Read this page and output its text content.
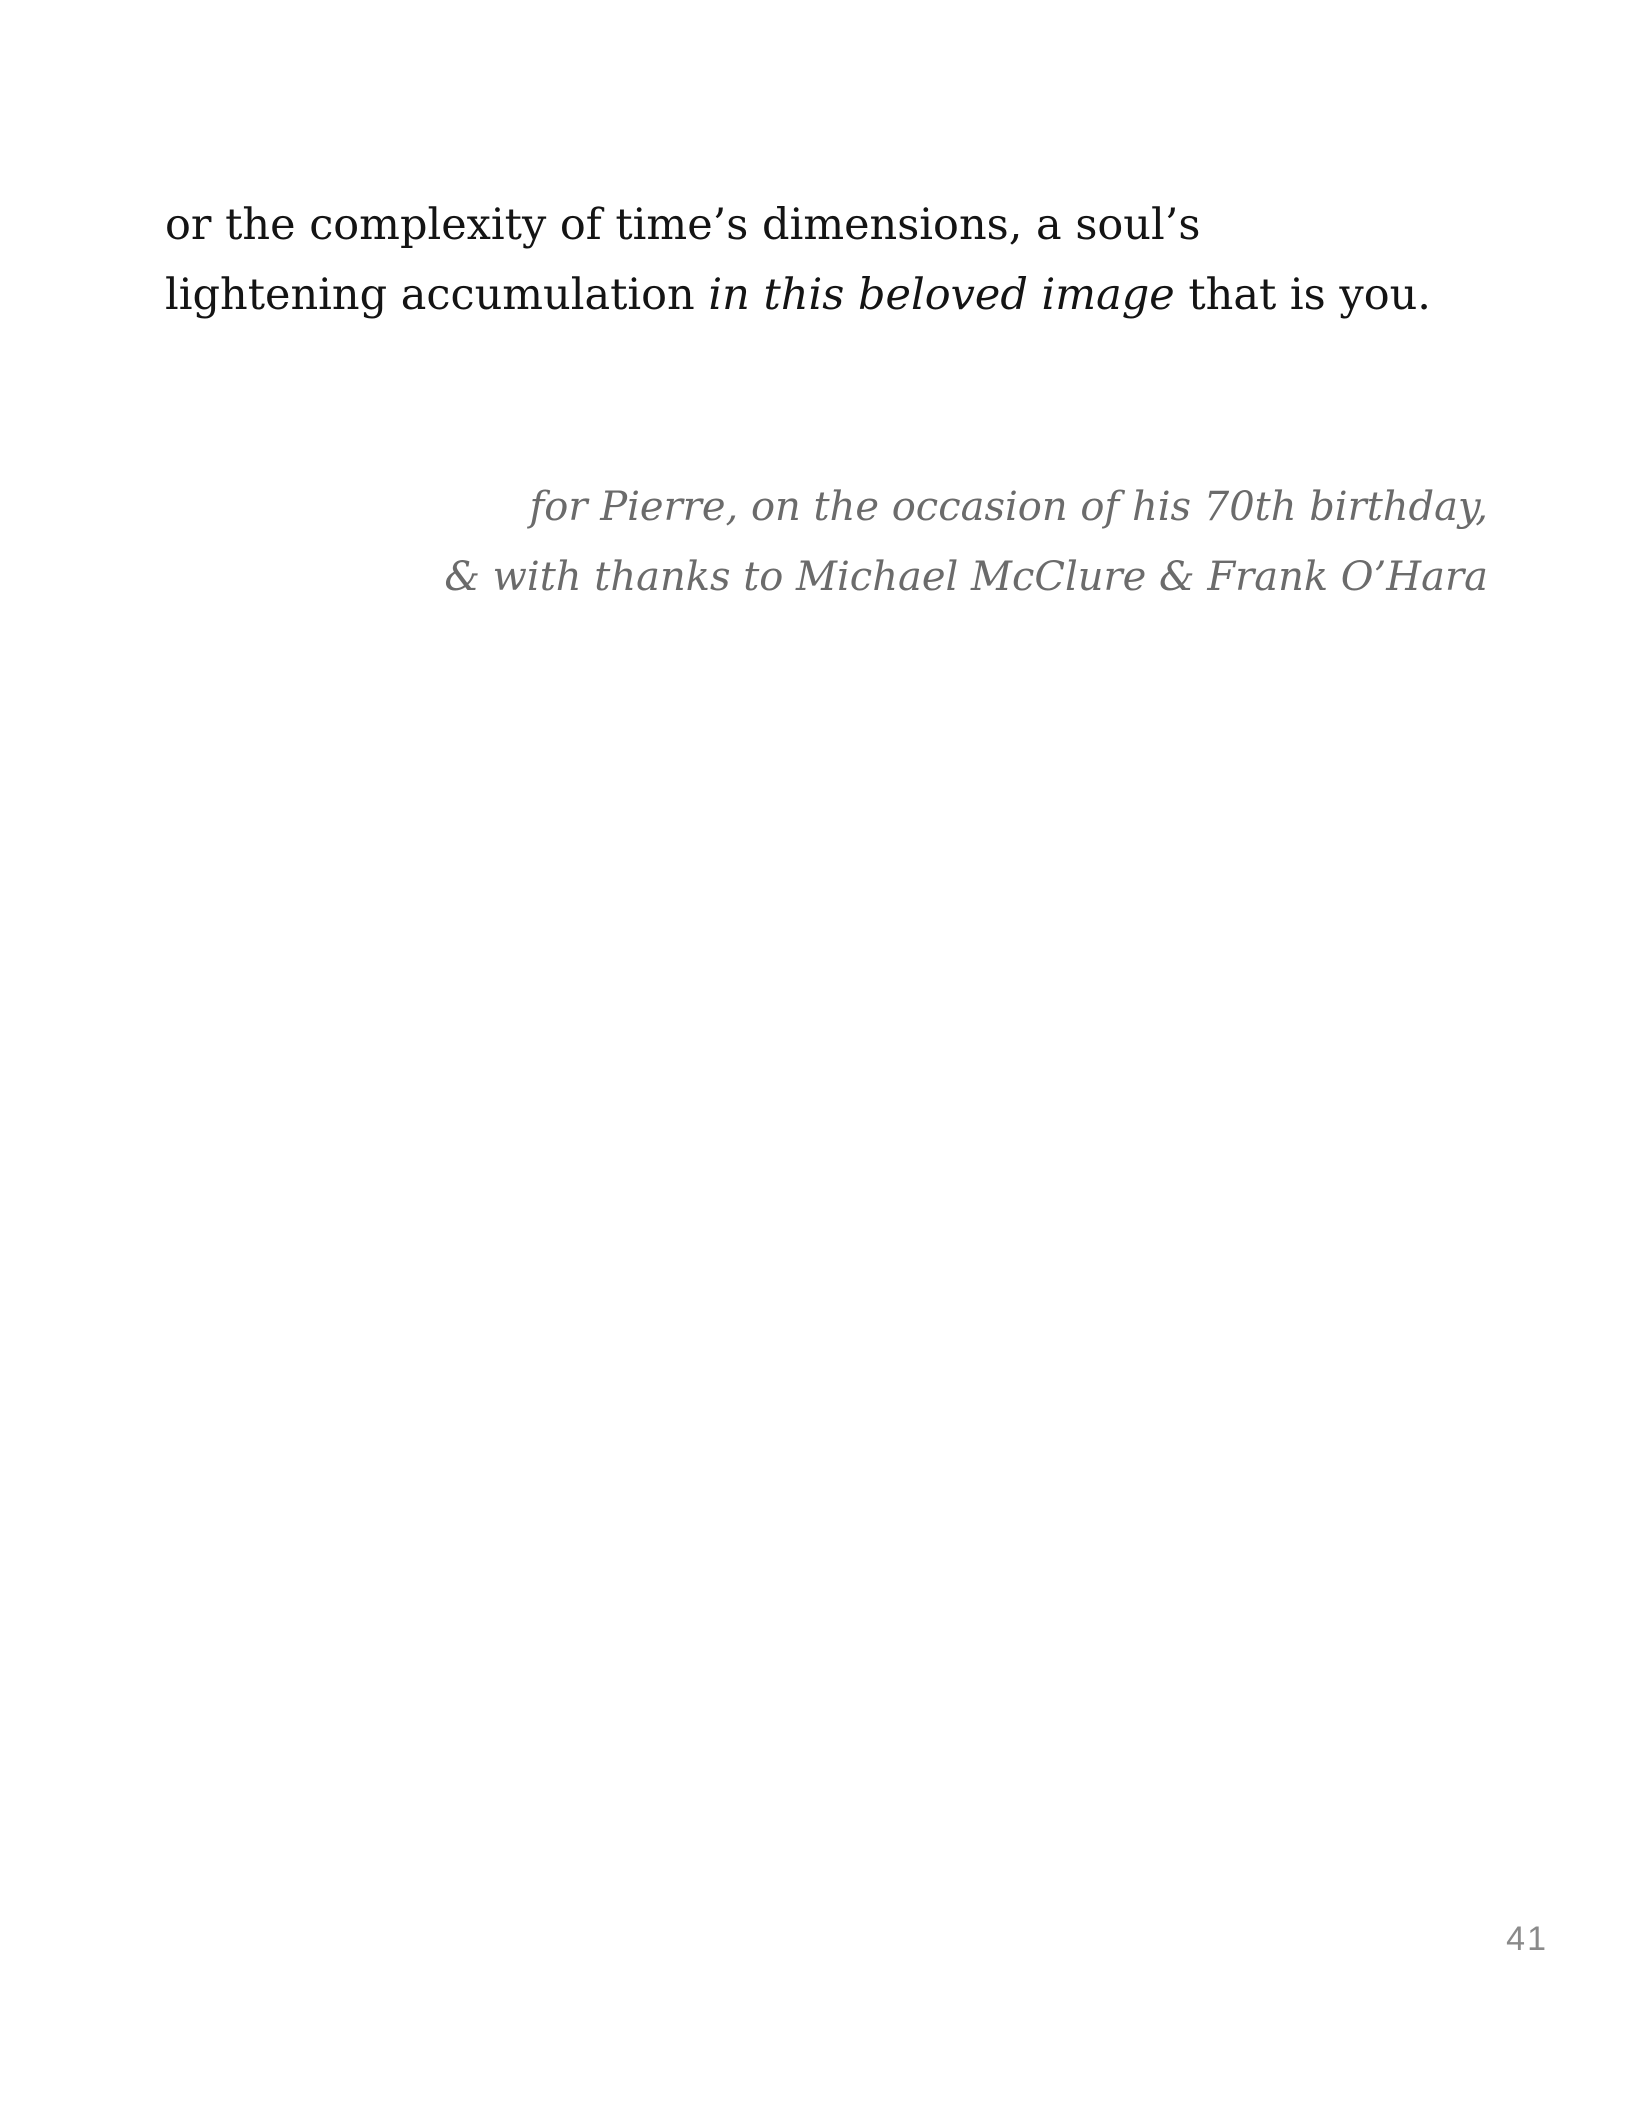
or the complexity of time’s dimensions, a soul’s
lightening accumulation in this beloved image that is you.
for Pierre, on the occasion of his 70th birthday,
& with thanks to Michael McClure & Frank O’Hara
41
